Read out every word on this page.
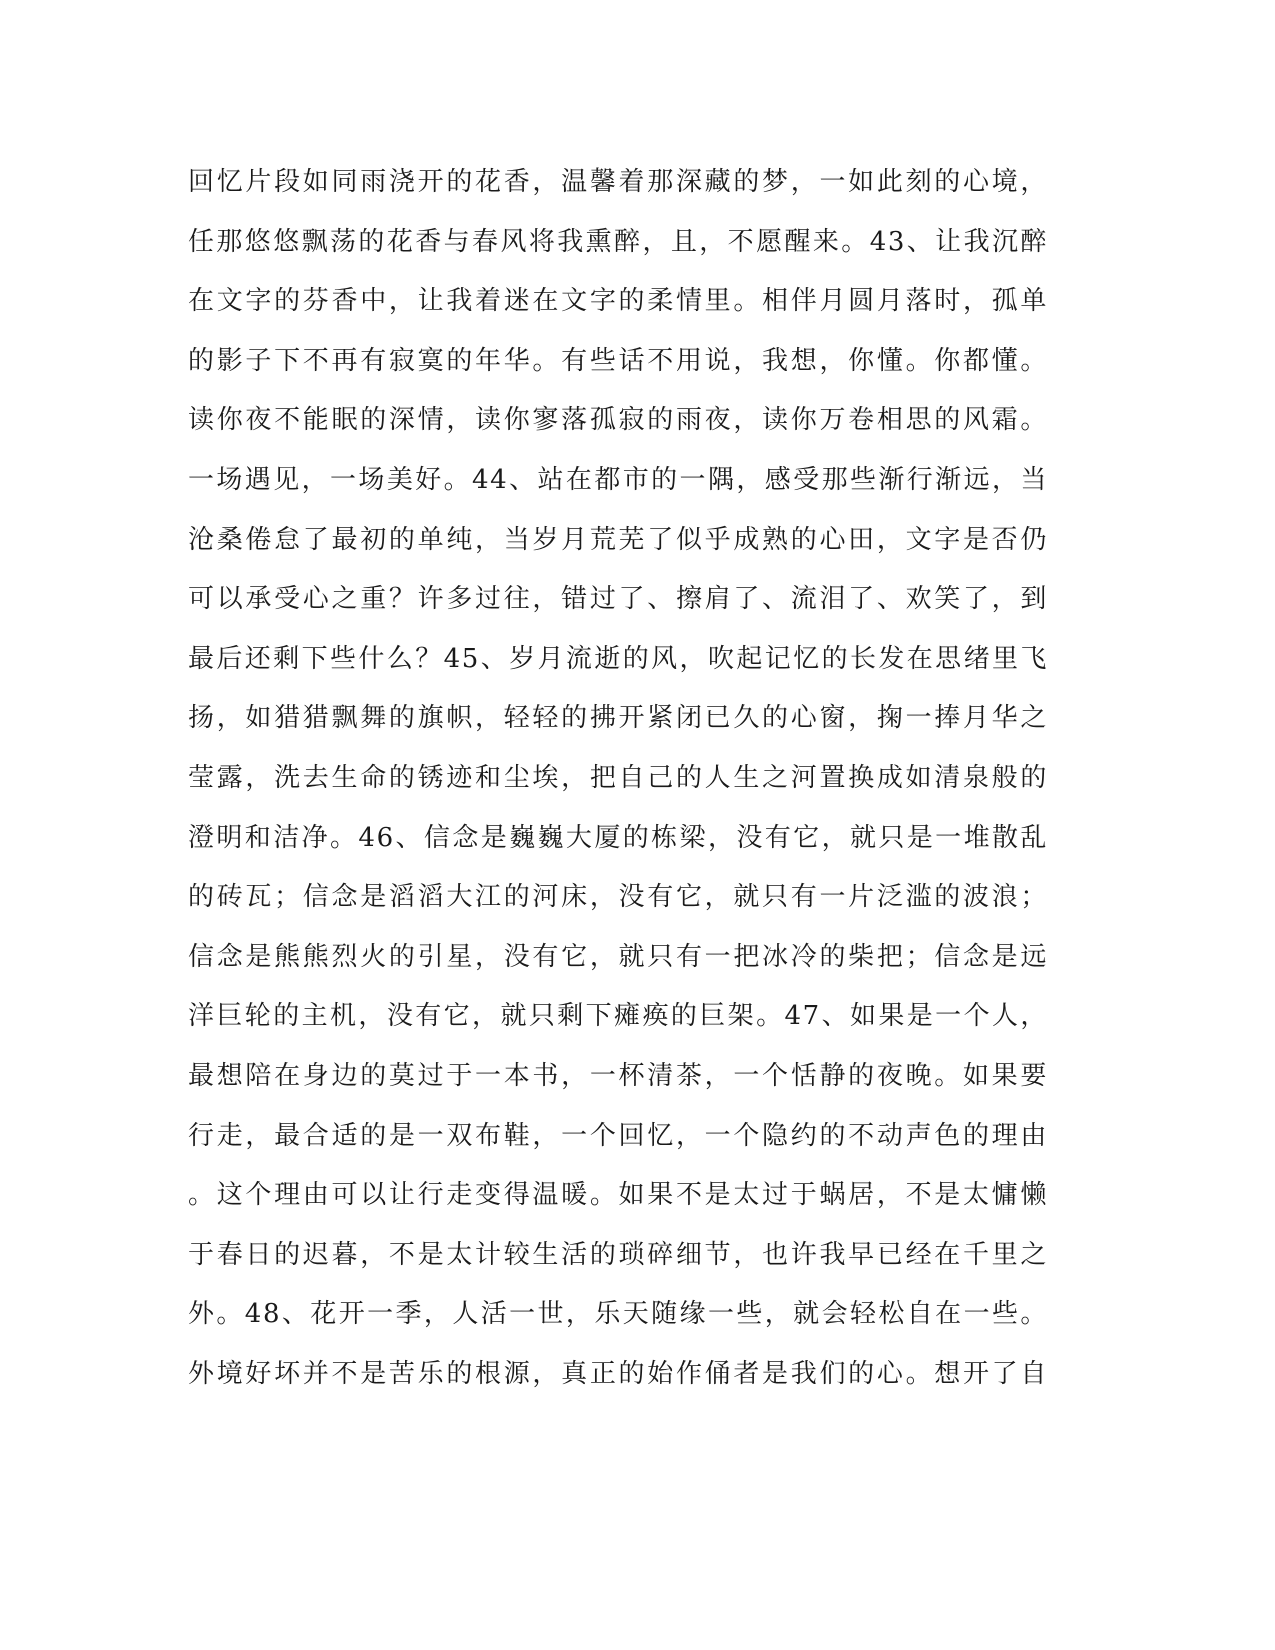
回忆片段如同雨浇开的花香，温馨着那深藏的梦，一如此刻的心境，
任那悠悠飘荡的花香与春风将我熏醉，且，不愿醒来。43、让我沉醉
在文字的芬香中，让我着迷在文字的柔情里。相伴月圆月落时，孤单
的影子下不再有寂寞的年华。有些话不用说，我想，你懂。你都懂。
读你夜不能眠的深情，读你寥落孤寂的雨夜，读你万卷相思的风霜。
一场遇见，一场美好。44、站在都市的一隅，感受那些渐行渐远，当
沧桑倦怠了最初的单纯，当岁月荒芜了似乎成熟的心田，文字是否仍
可以承受心之重？许多过往，错过了、擦肩了、流泪了、欢笑了，到
最后还剩下些什么？45、岁月流逝的风，吹起记忆的长发在思绪里飞
扬，如猎猎飘舞的旗帜，轻轻的拂开紧闭已久的心窗，掬一捧月华之
莹露，洗去生命的锈迹和尘埃，把自己的人生之河置换成如清泉般的
澄明和洁净。46、信念是巍巍大厦的栋梁，没有它，就只是一堆散乱
的砖瓦；信念是滔滔大江的河床，没有它，就只有一片泛滥的波浪；
信念是熊熊烈火的引星，没有它，就只有一把冰冷的柴把；信念是远
洋巨轮的主机，没有它，就只剩下瘫痪的巨架。47、如果是一个人，
最想陪在身边的莫过于一本书，一杯清茶，一个恬静的夜晚。如果要
行走，最合适的是一双布鞋，一个回忆，一个隐约的不动声色的理由
。这个理由可以让行走变得温暖。如果不是太过于蜗居，不是太慵懒
于春日的迟暮，不是太计较生活的琐碎细节，也许我早已经在千里之
外。48、花开一季，人活一世，乐天随缘一些，就会轻松自在一些。
外境好坏并不是苦乐的根源，真正的始作俑者是我们的心。想开了自
